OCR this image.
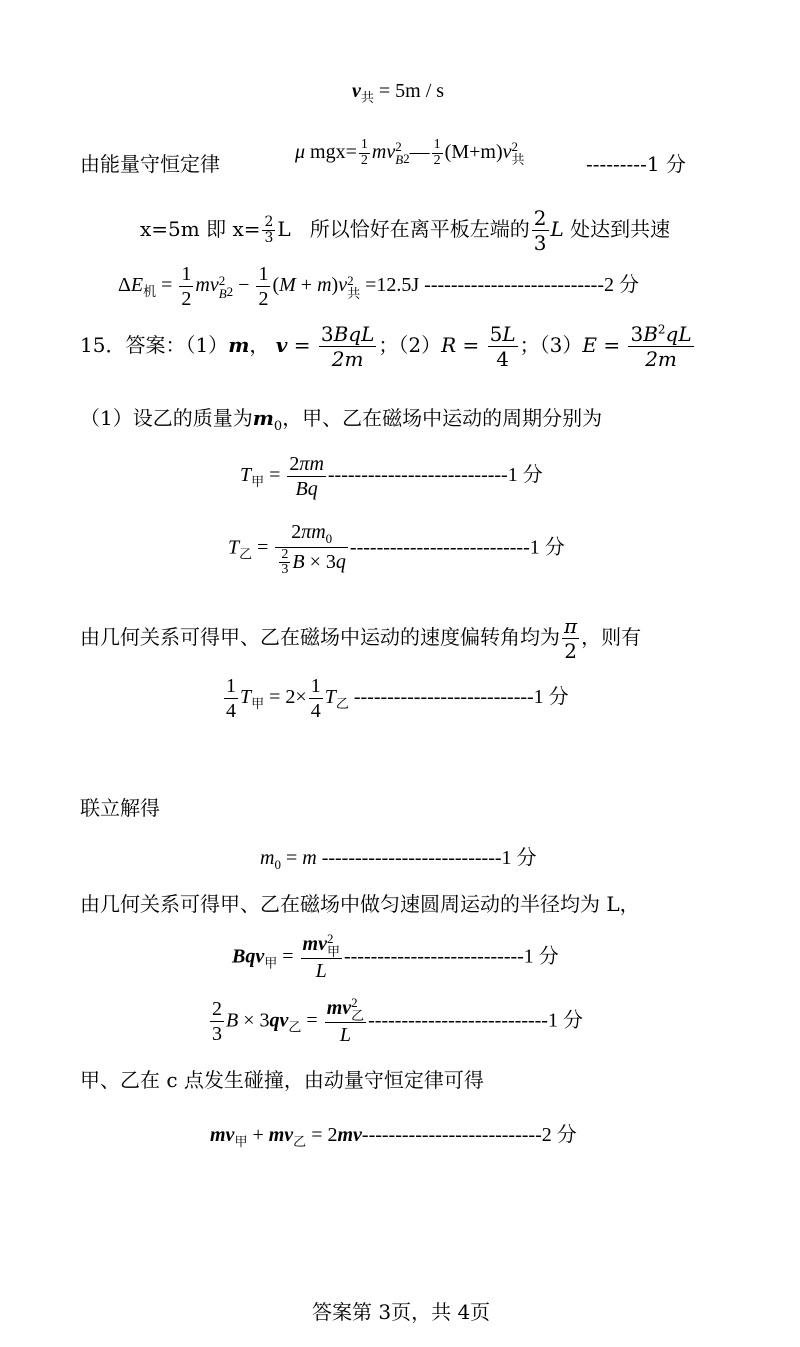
$v_共 = 5m / s$
由能量守恒定律
μ $mgx= \frac{1}{2}$ mv 2
B $_2$— $\frac{1}{2} (M+m)v$ 2
共	---------1 分
x=5m 即 $x= \frac{2}{3}$ L   所以恰好在离平板左端的 $\frac{2}{3}$ L 处达到共速
$\Delta E_机 = \frac{1}{2}$ mv 2
B $_2 - \frac{1}{2} (M + m)v$ 2
共 =12.5J ---------------------------2 分
15．答案：（1）m， $v = \frac{\text{3BqL}}{2m}$ ；$(2)R = \frac{5L}{4}$ ；$(3)E = \frac{3B^2qL}{2m}$
（1）设乙的质量为$m_0$，甲、乙在磁场中运动的周期分别为
$T_甲 = \frac{2\pi m}{Bq} ---------------------------1$ 分
$T_乙 = \frac{2\pi m_0}{\frac{2}{3} B \times 3q} ---------------------------1$ 分
由几何关系可得甲、乙在磁场中运动的速度偏转角均为 $\frac{\pi}{2}$ ，则有
$\frac{1}{4} T_甲 = 2\times \frac{1}{4} T_乙$ ---------------------------1 分
联立解得
$m_0 = m$ ---------------------------1 分
由几何关系可得甲、乙在磁场中做匀速圆周运动的半径均为 L，
Bqv$_甲$ = mv 2
甲
L ---------------------------1 分
$\frac{2}{3}$ $B \times 3qv_乙$ = mv 2
乙
L ---------------------------1 分
甲、乙在 c 点发生碰撞，由动量守恒定律可得
$mv_甲 + mv_乙 = 2mv---------------------------2$ 分
答案第 3页，共 4页
